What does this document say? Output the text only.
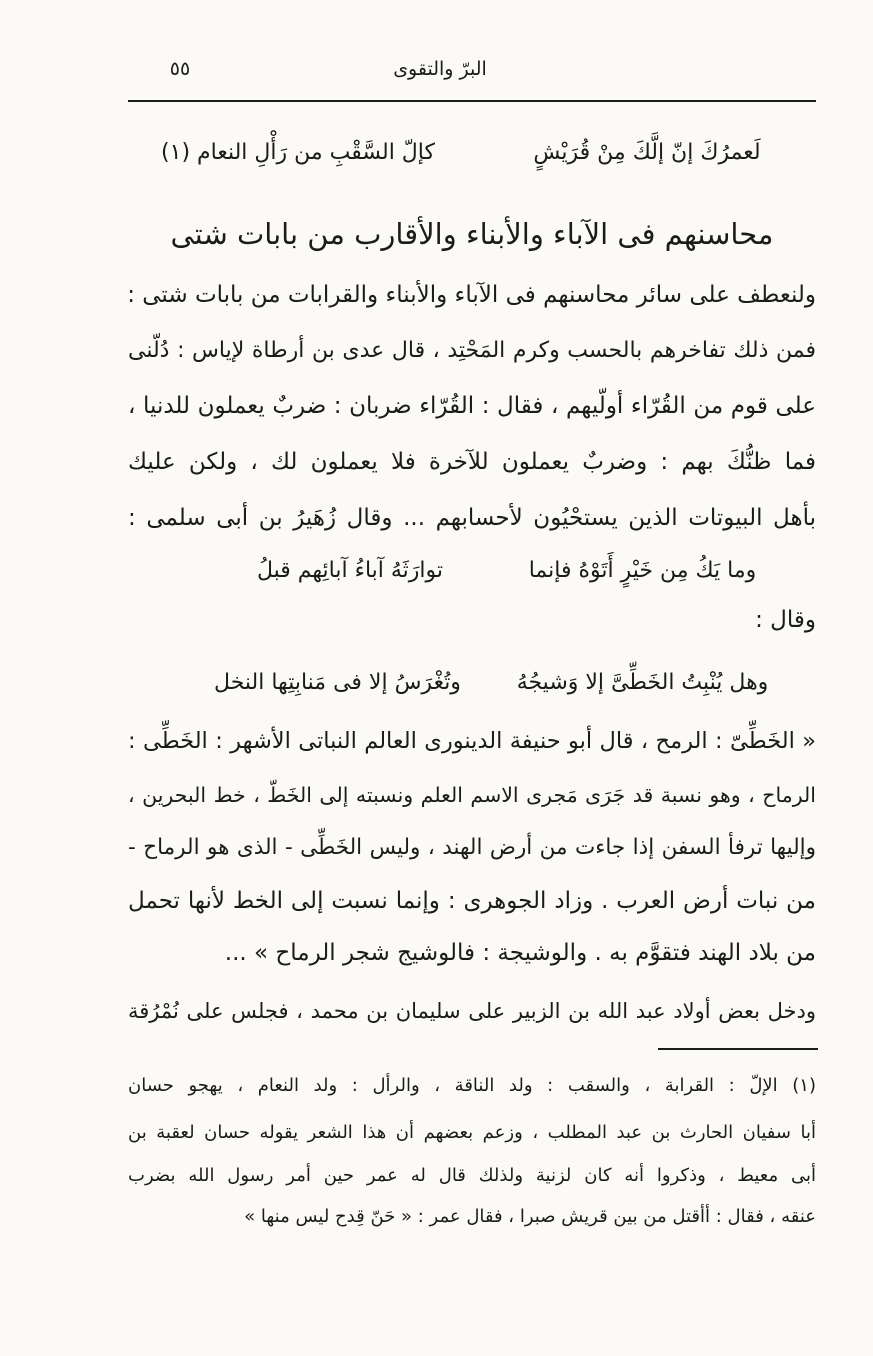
البرّ والتقوى
٥٥
لَعمرُكَ إنّ إلَّكَ مِنْ قُرَيْشٍ
كإلّ السَّقْبِ من رَأْلِ النعام (١)
محاسنهم فى الآباء والأبناء والأقارب من بابات شتى
ولنعطف على سائر محاسنهم فى الآباء والأبناء والقرابات من بابات شتى :
فمن ذلك تفاخرهم بالحسب وكرم المَحْتِد ، قال عدى بن أرطاة لإياس : دُلّنى
على قوم من القُرّاء أولّيهم ، فقال : القُرّاء ضربان : ضربٌ يعملون للدنيا ،
فما ظنُّكَ بهم : وضربٌ يعملون للآخرة فلا يعملون لك ، ولكن عليك
بأهل البيوتات الذين يستحْيُون لأحسابهم ... وقال زُهَيرُ بن أبى سلمى :
وما يَكُ مِن خَيْرٍ أَتَوْهُ فإنما
توارَثَهُ آباءُ آبائِهم قبلُ
وقال :
وهل يُنْبِتُ الخَطِّىَّ إلا وَشيجُهُ
وتُغْرَسُ إلا فى مَنابِتِها النخل
« الخَطِّىّ : الرمح ، قال أبو حنيفة الدينورى العالم النباتى الأشهر : الخَطِّى :
الرماح ، وهو نسبة قد جَرَى مَجرى الاسم العلم ونسبته إلى الخَطّ ، خط البحرين ،
وإليها ترفأ السفن إذا جاءت من أرض الهند ، وليس الخَطِّى - الذى هو الرماح -
من نبات أرض العرب . وزاد الجوهرى : وإنما نسبت إلى الخط لأنها تحمل
من بلاد الهند فتقوَّم به . والوشيجة : فالوشيج شجر الرماح » ...
ودخل بعض أولاد عبد الله بن الزبير على سليمان بن محمد ، فجلس على نُمْرُقة
(١) الإلّ : القرابة ، والسقب : ولد الناقة ، والرأل : ولد النعام ، يهجو حسان
أبا سفيان الحارث بن عبد المطلب ، وزعم بعضهم أن هذا الشعر يقوله حسان لعقبة بن
أبى معيط ، وذكروا أنه كان لزنية ولذلك قال له عمر حين أمر رسول الله بضرب
عنقه ، فقال : أأقتل من بين قريش صبرا ، فقال عمر : « حَنّ قِدح ليس منها »
